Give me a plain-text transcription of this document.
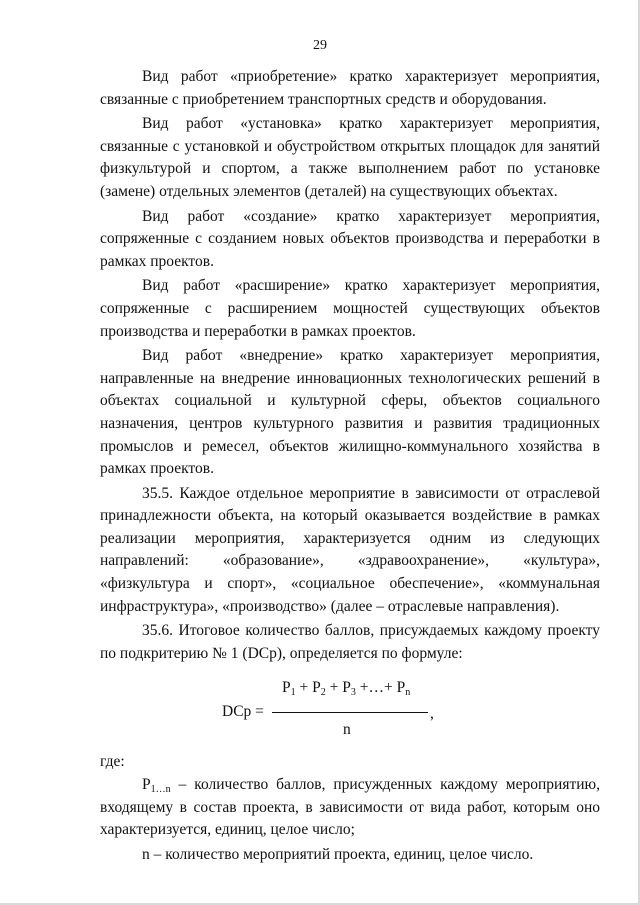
29

Вид работ «приобретение» кратко характеризует мероприятия, связанные с приобретением транспортных средств и оборудования.

Вид работ «установка» кратко характеризует мероприятия, связанные с установкой и обустройством открытых площадок для занятий физкультурой и спортом, а также выполнением работ по установке (замене) отдельных элементов (деталей) на существующих объектах.

Вид работ «создание» кратко характеризует мероприятия, сопряженные с созданием новых объектов производства и переработки в рамках проектов.

Вид работ «расширение» кратко характеризует мероприятия, сопряженные с расширением мощностей существующих объектов производства и переработки в рамках проектов.

Вид работ «внедрение» кратко характеризует мероприятия, направленные на внедрение инновационных технологических решений в объектах социальной и культурной сферы, объектов социального назначения, центров культурного развития и развития традиционных промыслов и ремесел, объектов жилищно-коммунального хозяйства в рамках проектов.

35.5. Каждое отдельное мероприятие в зависимости от отраслевой принадлежности объекта, на который оказывается воздействие в рамках реализации мероприятия, характеризуется одним из следующих направлений: «образование», «здравоохранение», «культура», «физкультура и спорт», «социальное обеспечение», «коммунальная инфраструктура», «производство» (далее – отраслевые направления).

35.6. Итоговое количество баллов, присуждаемых каждому проекту по подкритерию № 1 (DCp), определяется по формуле:

DCp =
$P_1 + P_2 + P_3$ +…+ $P_n$
,
n

где:

$P_{1\dots n}$ – количество баллов, присужденных каждому мероприятию, входящему в состав проекта, в зависимости от вида работ, которым оно характеризуется, единиц, целое число;

n – количество мероприятий проекта, единиц, целое число.
